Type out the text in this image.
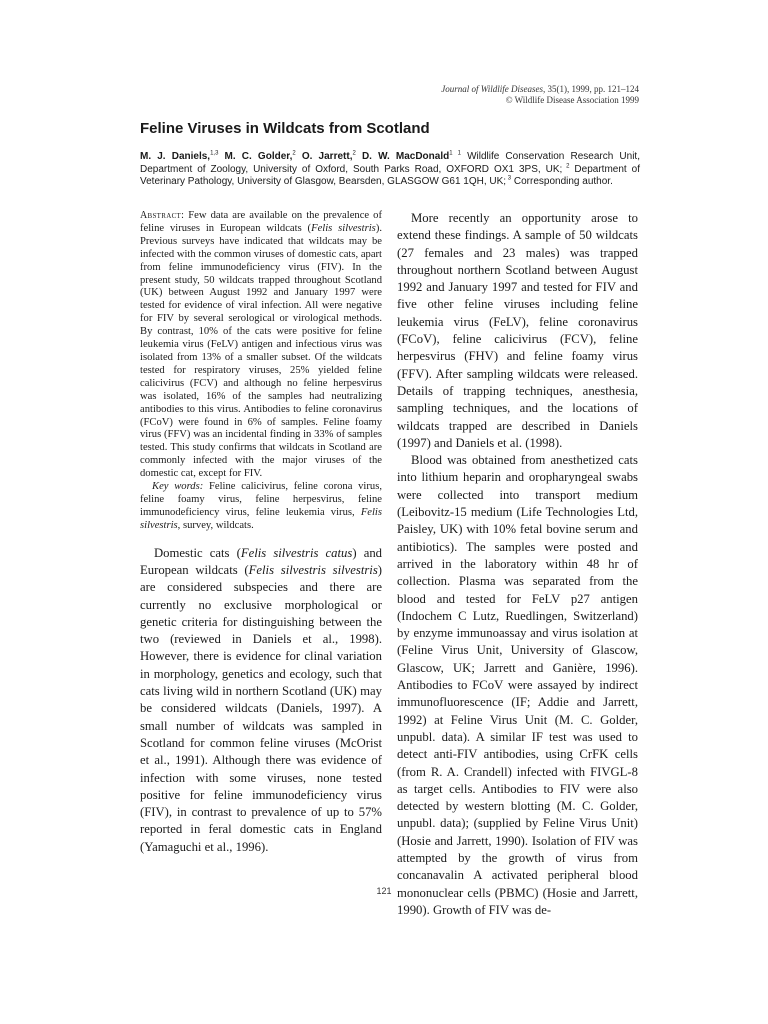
Journal of Wildlife Diseases, 35(1), 1999, pp. 121–124
© Wildlife Disease Association 1999
Feline Viruses in Wildcats from Scotland
M. J. Daniels,$^{1,3}$ M. C. Golder,$^2$ O. Jarrett,$^2$ D. W. MacDonald$^{1 1}$ Wildlife Conservation Research Unit, Department of Zoology, University of Oxford, South Parks Road, OXFORD OX1 3PS, UK; $^2$ Department of Veterinary Pathology, University of Glasgow, Bearsden, GLASGOW G61 1QH, UK; $^3$ Corresponding author.

Abstract: Few data are available on the prevalence of feline viruses in European wildcats (Felis silvestris). Previous surveys have indicated that wildcats may be infected with the common viruses of domestic cats, apart from feline immunodeficiency virus (FIV). In the present study, 50 wildcats trapped throughout Scotland (UK) between August 1992 and January 1997 were tested for evidence of viral infection. All were negative for FIV by several serological or virological methods. By contrast, 10% of the cats were positive for feline leukemia virus (FeLV) antigen and infectious virus was isolated from 13% of a smaller subset. Of the wildcats tested for respiratory viruses, 25% yielded feline calicivirus (FCV) and although no feline herpesvirus was isolated, 16% of the samples had neutralizing antibodies to this virus. Antibodies to feline coronavirus (FCoV) were found in 6% of samples. Feline foamy virus (FFV) was an incidental finding in 33% of samples tested. This study confirms that wildcats in Scotland are commonly infected with the major viruses of the domestic cat, except for FIV.

Key words: Feline calicivirus, feline corona virus, feline foamy virus, feline herpesvirus, feline immunodeficiency virus, feline leukemia virus, Felis silvestris, survey, wildcats.

Domestic cats (Felis silvestris catus) and European wildcats (Felis silvestris silvestris) are considered subspecies and there are currently no exclusive morphological or genetic criteria for distinguishing between the two (reviewed in Daniels et al., 1998). However, there is evidence for clinal variation in morphology, genetics and ecology, such that cats living wild in northern Scotland (UK) may be considered wildcats (Daniels, 1997). A small number of wildcats was sampled in Scotland for common feline viruses (McOrist et al., 1991). Although there was evidence of infection with some viruses, none tested positive for feline immunodeficiency virus (FIV), in contrast to prevalence of up to 57% reported in feral domestic cats in England (Yamaguchi et al., 1996).

More recently an opportunity arose to extend these findings. A sample of 50 wildcats (27 females and 23 males) was trapped throughout northern Scotland between August 1992 and January 1997 and tested for FIV and five other feline viruses including feline leukemia virus (FeLV), feline coronavirus (FCoV), feline calicivirus (FCV), feline herpesvirus (FHV) and feline foamy virus (FFV). After sampling wildcats were released. Details of trapping techniques, anesthesia, sampling techniques, and the locations of wildcats trapped are described in Daniels (1997) and Daniels et al. (1998).

Blood was obtained from anesthetized cats into lithium heparin and oropharyngeal swabs were collected into transport medium (Leibovitz-15 medium (Life Technologies Ltd, Paisley, UK) with 10% fetal bovine serum and antibiotics). The samples were posted and arrived in the laboratory within 48 hr of collection. Plasma was separated from the blood and tested for FeLV p27 antigen (Indochem C Lutz, Ruedlingen, Switzerland) by enzyme immunoassay and virus isolation at (Feline Virus Unit, University of Glascow, Glascow, UK; Jarrett and Ganière, 1996). Antibodies to FCoV were assayed by indirect immunofluorescence (IF; Addie and Jarrett, 1992) at Feline Virus Unit (M. C. Golder, unpubl. data). A similar IF test was used to detect anti-FIV antibodies, using CrFK cells (from R. A. Crandell) infected with FIVGL-8 as target cells. Antibodies to FIV were also detected by western blotting (M. C. Golder, unpubl. data); (supplied by Feline Virus Unit) (Hosie and Jarrett, 1990). Isolation of FIV was attempted by the growth of virus from concanavalin A activated peripheral blood mononuclear cells (PBMC) (Hosie and Jarrett, 1990). Growth of FIV was de-

121
